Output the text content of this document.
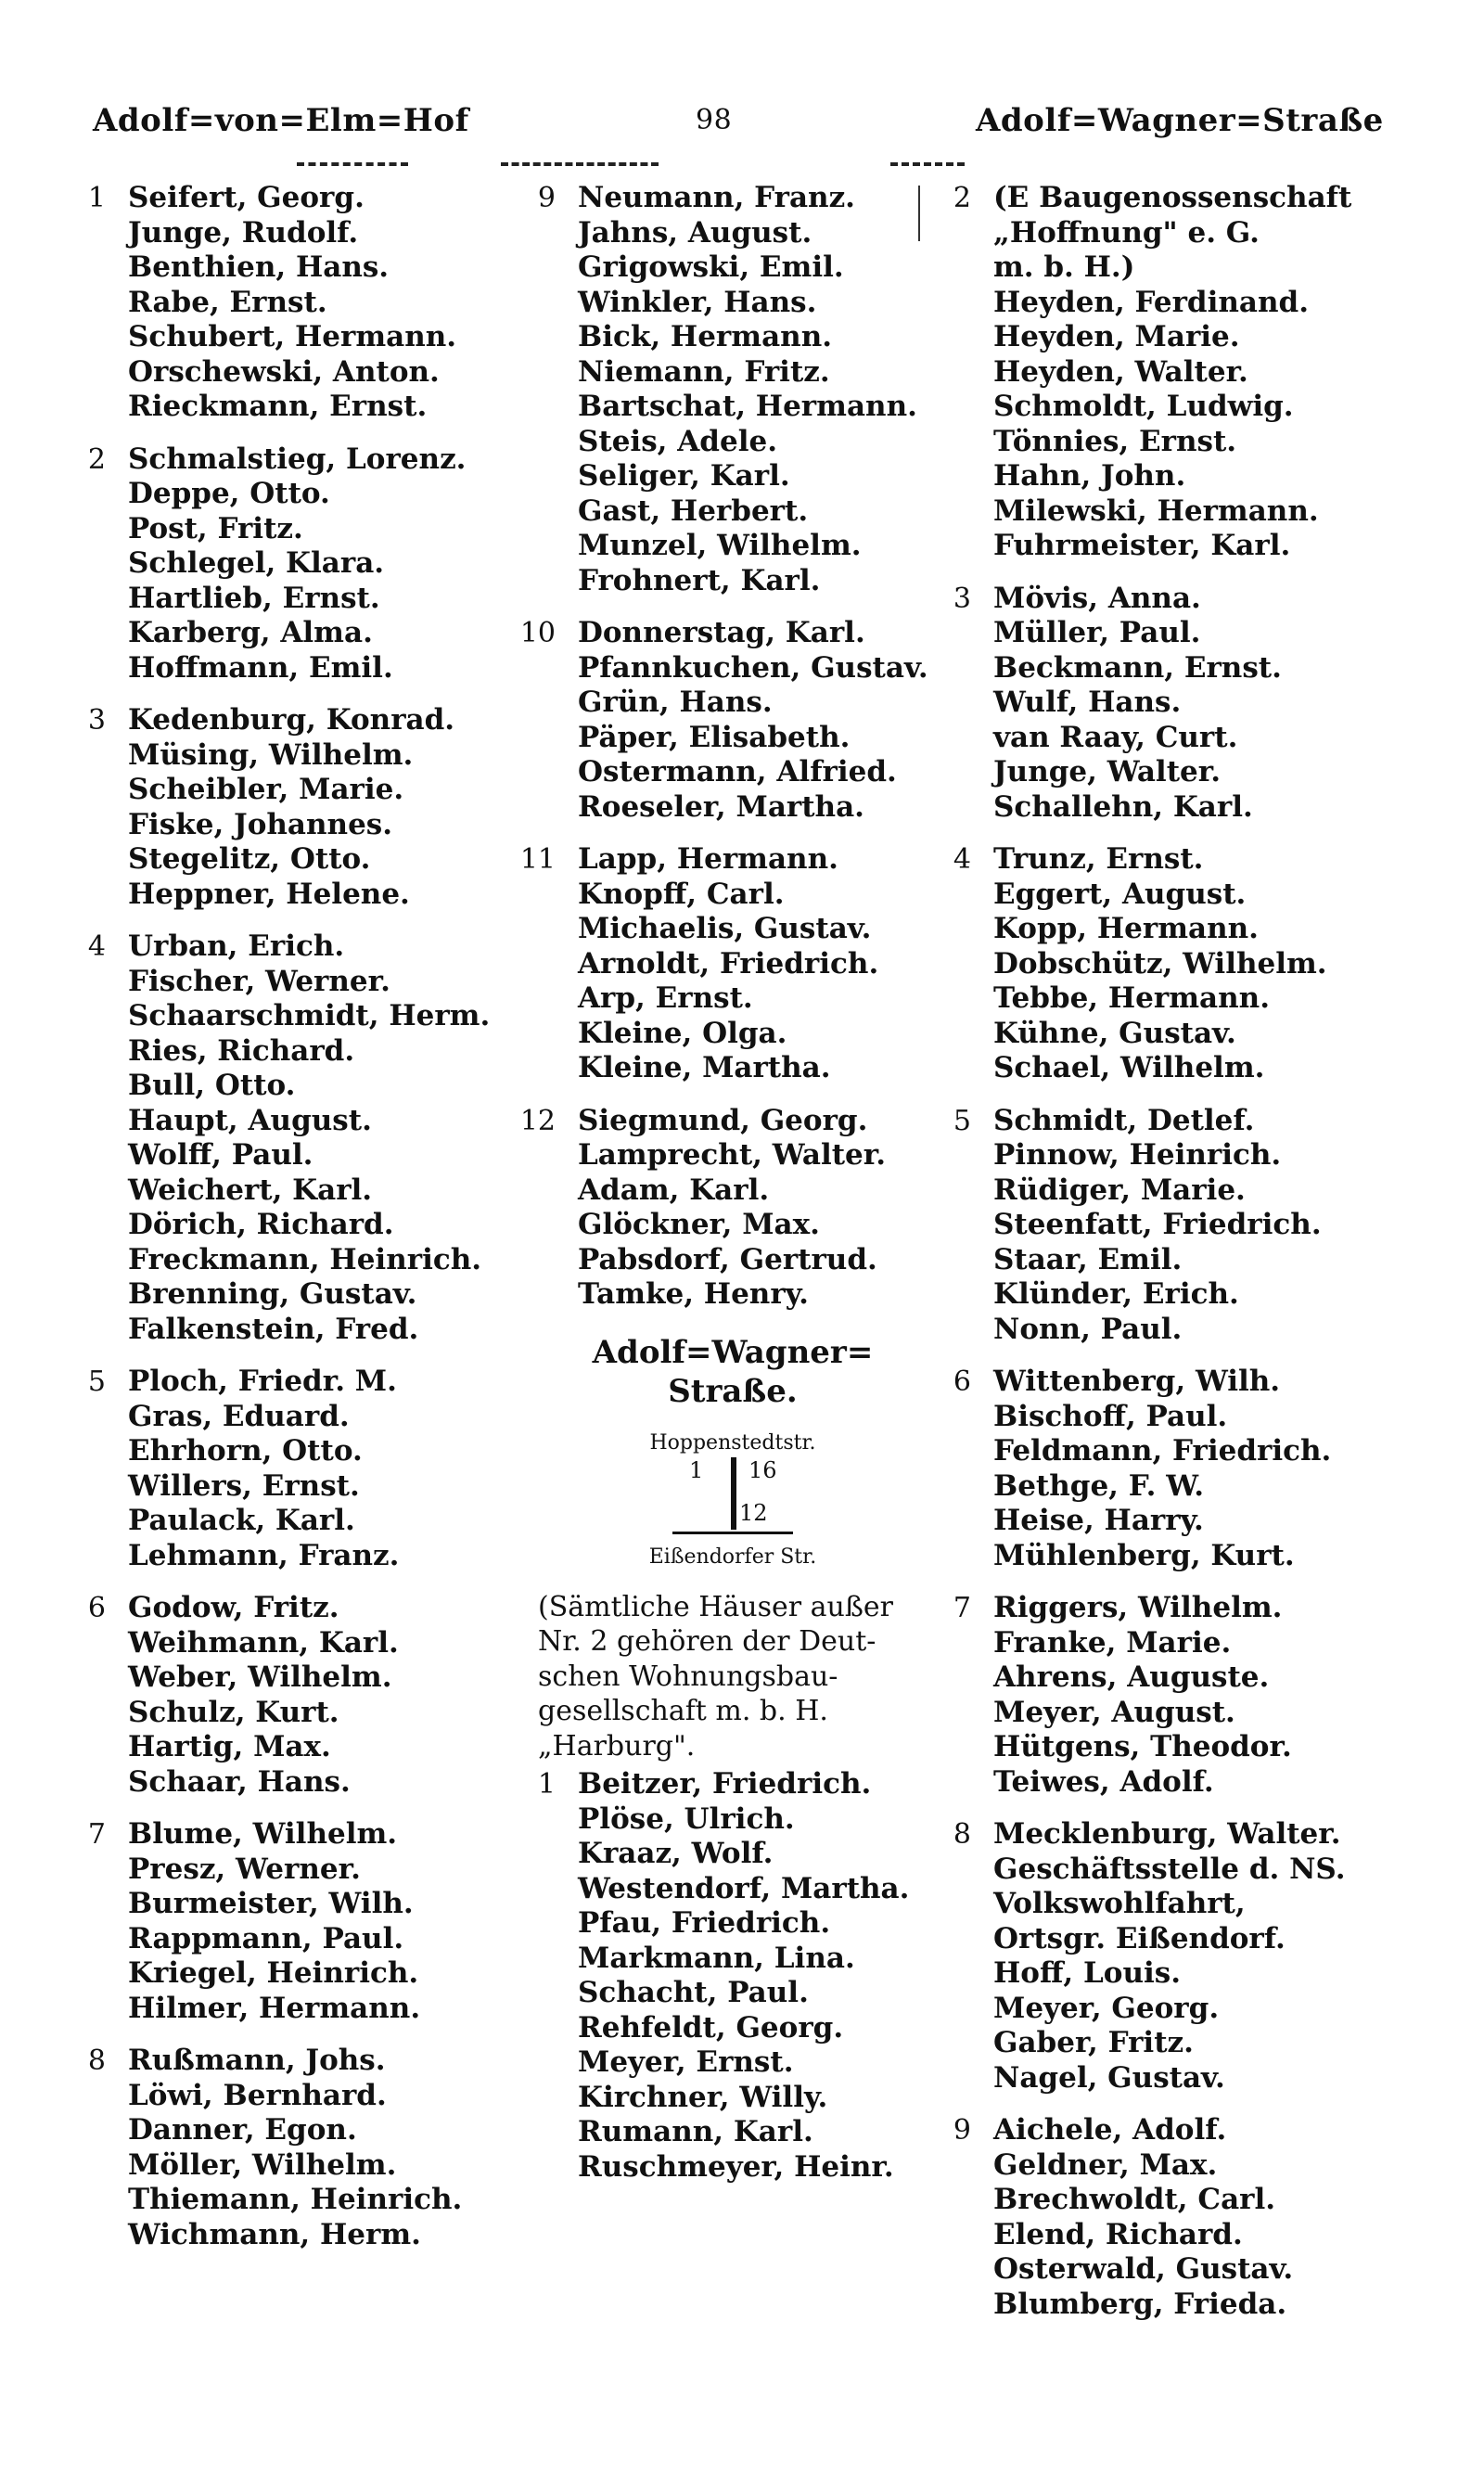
Adolf=von=Elm=Hof	98	Adolf=Wagner=Straße
1 Seifert, Georg.
Junge, Rudolf.
Benthien, Hans.
Rabe, Ernst.
Schubert, Hermann.
Orschewski, Anton.
Rieckmann, Ernst.
2 Schmalstieg, Lorenz.
Deppe, Otto.
Post, Fritz.
Schlegel, Klara.
Hartlieb, Ernst.
Karberg, Alma.
Hoffmann, Emil.
3 Kedenburg, Konrad.
Müsing, Wilhelm.
Scheibler, Marie.
Fiske, Johannes.
Stegelitz, Otto.
Heppner, Helene.
4 Urban, Erich.
Fischer, Werner.
Schaarschmidt, Herm.
Ries, Richard.
Bull, Otto.
Haupt, August.
Wolff, Paul.
Weichert, Karl.
Dörich, Richard.
Freckmann, Heinrich.
Brenning, Gustav.
Falkenstein, Fred.
5 Ploch, Friedr. M.
Gras, Eduard.
Ehrhorn, Otto.
Willers, Ernst.
Paulack, Karl.
Lehmann, Franz.
6 Godow, Fritz.
Weihmann, Karl.
Weber, Wilhelm.
Schulz, Kurt.
Hartig, Max.
Schaar, Hans.
7 Blume, Wilhelm.
Presz, Werner.
Burmeister, Wilh.
Rappmann, Paul.
Kriegel, Heinrich.
Hilmer, Hermann.
8 Rußmann, Johs.
Löwi, Bernhard.
Danner, Egon.
Möller, Wilhelm.
Thiemann, Heinrich.
Wichmann, Herm.
9 Neumann, Franz.
Jahns, August.
Grigowski, Emil.
Winkler, Hans.
Bick, Hermann.
Niemann, Fritz.
Bartschat, Hermann.
Steis, Adele.
Seliger, Karl.
Gast, Herbert.
Munzel, Wilhelm.
Frohnert, Karl.
10 Donnerstag, Karl.
Pfannkuchen, Gustav.
Grün, Hans.
Päper, Elisabeth.
Ostermann, Alfried.
Roeseler, Martha.
11 Lapp, Hermann.
Knopff, Carl.
Michaelis, Gustav.
Arnoldt, Friedrich.
Arp, Ernst.
Kleine, Olga.
Kleine, Martha.
12 Siegmund, Georg.
Lamprecht, Walter.
Adam, Karl.
Glöckner, Max.
Pabsdorf, Gertrud.
Tamke, Henry.
Adolf=Wagner=
Straße.
Hoppenstedtstr.
1 16
12
Eißendorfer Str.
(Sämtliche Häuser außer
Nr. 2 gehören der Deut-
schen Wohnungsbau-
gesellschaft m. b. H.
„Harburg".
1 Beitzer, Friedrich.
Plöse, Ulrich.
Kraaz, Wolf.
Westendorf, Martha.
Pfau, Friedrich.
Markmann, Lina.
Schacht, Paul.
Rehfeldt, Georg.
Meyer, Ernst.
Kirchner, Willy.
Rumann, Karl.
Ruschmeyer, Heinr.
2 (E Baugenossenschaft
„Hoffnung" e. G.
m. b. H.)
Heyden, Ferdinand.
Heyden, Marie.
Heyden, Walter.
Schmoldt, Ludwig.
Tönnies, Ernst.
Hahn, John.
Milewski, Hermann.
Fuhrmeister, Karl.
3 Mövis, Anna.
Müller, Paul.
Beckmann, Ernst.
Wulf, Hans.
van Raay, Curt.
Junge, Walter.
Schallehn, Karl.
4 Trunz, Ernst.
Eggert, August.
Kopp, Hermann.
Dobschütz, Wilhelm.
Tebbe, Hermann.
Kühne, Gustav.
Schael, Wilhelm.
5 Schmidt, Detlef.
Pinnow, Heinrich.
Rüdiger, Marie.
Steenfatt, Friedrich.
Staar, Emil.
Klünder, Erich.
Nonn, Paul.
6 Wittenberg, Wilh.
Bischoff, Paul.
Feldmann, Friedrich.
Bethge, F. W.
Heise, Harry.
Mühlenberg, Kurt.
7 Riggers, Wilhelm.
Franke, Marie.
Ahrens, Auguste.
Meyer, August.
Hütgens, Theodor.
Teiwes, Adolf.
8 Mecklenburg, Walter.
Geschäftsstelle d. NS.
Volkswohlfahrt,
Ortsgr. Eißendorf.
Hoff, Louis.
Meyer, Georg.
Gaber, Fritz.
Nagel, Gustav.
9 Aichele, Adolf.
Geldner, Max.
Brechwoldt, Carl.
Elend, Richard.
Osterwald, Gustav.
Blumberg, Frieda.
